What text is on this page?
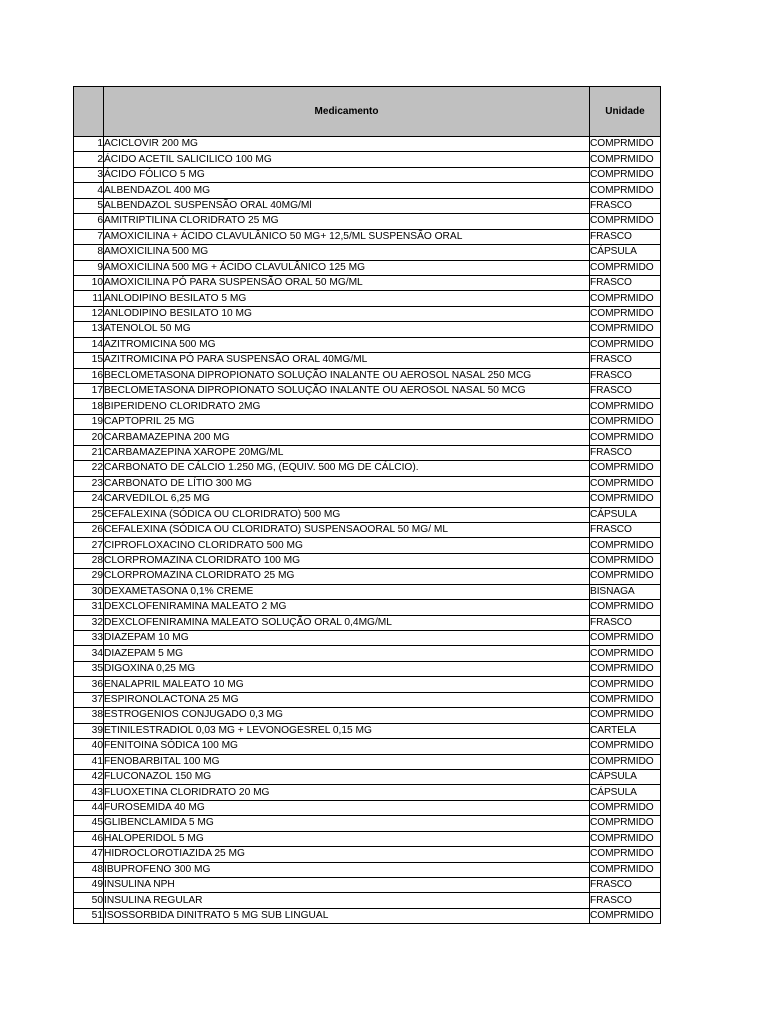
	Medicamento	Unidade
1	ACICLOVIR 200 MG	COMPRMIDO
2	ÁCIDO ACETIL SALICILICO 100 MG	COMPRMIDO
3	ÁCIDO FÓLICO 5 MG	COMPRMIDO
4	ALBENDAZOL 400 MG	COMPRMIDO
5	ALBENDAZOL SUSPENSÃO ORAL 40MG/Ml	FRASCO
6	AMITRIPTILINA CLORIDRATO 25 MG	COMPRMIDO
7	AMOXICILINA + ÁCIDO CLAVULÂNICO 50 MG+ 12,5/ML SUSPENSÃO ORAL	FRASCO
8	AMOXICILINA 500 MG	CÁPSULA
9	AMOXICILINA 500 MG + ÁCIDO CLAVULÂNICO 125 MG	COMPRMIDO
10	AMOXICILINA PÓ PARA SUSPENSÃO ORAL 50 MG/ML	FRASCO
11	ANLODIPINO BESILATO 5 MG	COMPRMIDO
12	ANLODIPINO BESILATO 10 MG	COMPRMIDO
13	ATENOLOL 50 MG	COMPRMIDO
14	AZITROMICINA 500 MG	COMPRMIDO
15	AZITROMICINA PÓ PARA SUSPENSÃO ORAL 40MG/ML	FRASCO
16	BECLOMETASONA DIPROPIONATO SOLUÇÃO INALANTE OU AEROSOL NASAL 250 MCG	FRASCO
17	BECLOMETASONA DIPROPIONATO SOLUÇÃO INALANTE OU AEROSOL NASAL 50 MCG	FRASCO
18	BIPERIDENO CLORIDRATO 2MG	COMPRMIDO
19	CAPTOPRIL 25 MG	COMPRMIDO
20	CARBAMAZEPINA 200 MG	COMPRMIDO
21	CARBAMAZEPINA XAROPE 20MG/ML	FRASCO
22	CARBONATO DE CÁLCIO 1.250 MG, (EQUIV. 500 MG DE CÁLCIO).	COMPRMIDO
23	CARBONATO DE LÍTIO 300 MG	COMPRMIDO
24	CARVEDILOL 6,25 MG	COMPRMIDO
25	CEFALEXINA (SÓDICA OU CLORIDRATO) 500 MG	CÁPSULA
26	CEFALEXINA (SÓDICA OU CLORIDRATO) SUSPENSAOORAL 50 MG/ ML	FRASCO
27	CIPROFLOXACINO CLORIDRATO 500 MG	COMPRMIDO
28	CLORPROMAZINA CLORIDRATO 100 MG	COMPRMIDO
29	CLORPROMAZINA CLORIDRATO 25 MG	COMPRMIDO
30	DEXAMETASONA 0,1% CREME	BISNAGA
31	DEXCLOFENIRAMINA MALEATO 2 MG	COMPRMIDO
32	DEXCLOFENIRAMINA MALEATO SOLUÇÃO ORAL 0,4MG/ML	FRASCO
33	DIAZEPAM 10 MG	COMPRMIDO
34	DIAZEPAM 5 MG	COMPRMIDO
35	DIGOXINA 0,25 MG	COMPRMIDO
36	ENALAPRIL MALEATO 10 MG	COMPRMIDO
37	ESPIRONOLACTONA 25 MG	COMPRMIDO
38	ESTROGENIOS CONJUGADO 0,3 MG	COMPRMIDO
39	ETINILESTRADIOL 0,03 MG + LEVONOGESREL 0,15 MG	CARTELA
40	FENITOINA SÓDICA 100 MG	COMPRMIDO
41	FENOBARBITAL 100 MG	COMPRMIDO
42	FLUCONAZOL 150 MG	CÁPSULA
43	FLUOXETINA CLORIDRATO 20 MG	CÁPSULA
44	FUROSEMIDA 40 MG	COMPRMIDO
45	GLIBENCLAMIDA 5 MG	COMPRMIDO
46	HALOPERIDOL 5 MG	COMPRMIDO
47	HIDROCLOROTIAZIDA 25 MG	COMPRMIDO
48	IBUPROFENO 300 MG	COMPRMIDO
49	INSULINA NPH	FRASCO
50	INSULINA REGULAR	FRASCO
51	ISOSSORBIDA DINITRATO 5 MG SUB LINGUAL	COMPRMIDO
